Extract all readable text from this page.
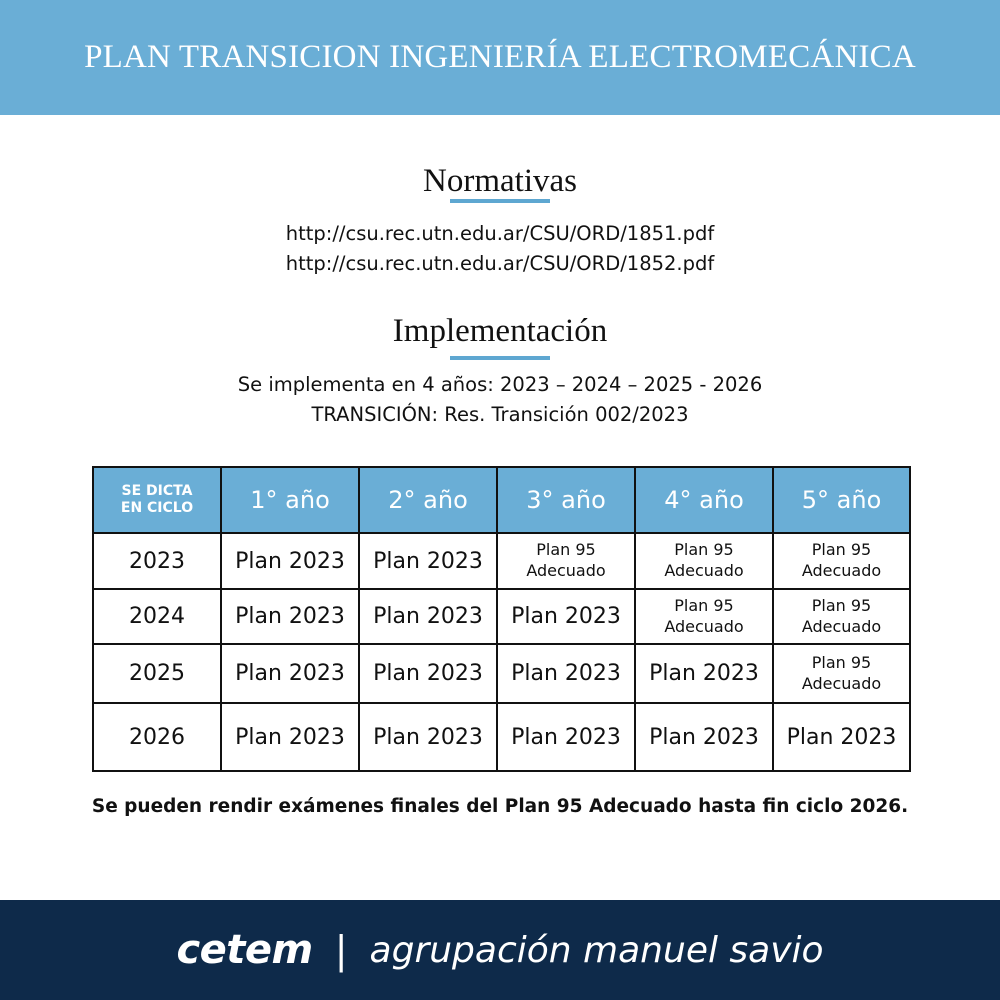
PLAN TRANSICION INGENIERÍA ELECTROMECÁNICA
Normativas
http://csu.rec.utn.edu.ar/CSU/ORD/1851.pdf
http://csu.rec.utn.edu.ar/CSU/ORD/1852.pdf
Implementación
Se implementa en 4 años: 2023 – 2024 – 2025 - 2026
TRANSICIÓN: Res. Transición 002/2023
SE DICTA
EN CICLO	1° año	2° año	3° año	4° año	5° año
2023	Plan 2023	Plan 2023	Plan 95
Adecuado	Plan 95
Adecuado	Plan 95
Adecuado

2024	Plan 2023	Plan 2023	Plan 2023	Plan 95
Adecuado	Plan 95
Adecuado

2025	Plan 2023	Plan 2023	Plan 2023	Plan 2023	Plan 95
Adecuado

2026	Plan 2023	Plan 2023	Plan 2023	Plan 2023	Plan 2023
Se pueden rendir exámenes finales del Plan 95 Adecuado hasta fin ciclo 2026.
cetem | agrupación manuel savio
